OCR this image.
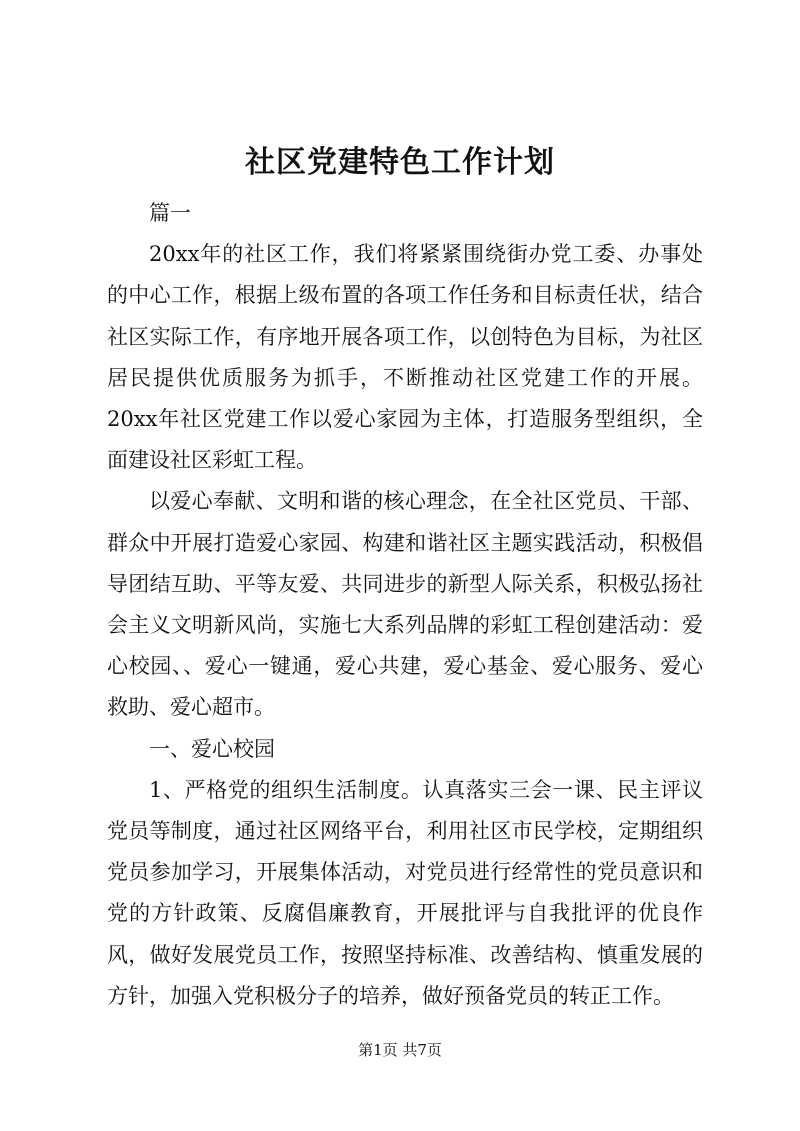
社区党建特色工作计划

篇一

20xx年的社区工作，我们将紧紧围绕街办党工委、办事处的中心工作，根据上级布置的各项工作任务和目标责任状，结合社区实际工作，有序地开展各项工作，以创特色为目标，为社区居民提供优质服务为抓手，不断推动社区党建工作的开展。20xx年社区党建工作以爱心家园为主体，打造服务型组织，全面建设社区彩虹工程。

以爱心奉献、文明和谐的核心理念，在全社区党员、干部、群众中开展打造爱心家园、构建和谐社区主题实践活动，积极倡导团结互助、平等友爱、共同进步的新型人际关系，积极弘扬社会主义文明新风尚，实施七大系列品牌的彩虹工程创建活动：爱心校园、、爱心一键通，爱心共建，爱心基金、爱心服务、爱心救助、爱心超市。

一、爱心校园

1、严格党的组织生活制度。认真落实三会一课、民主评议党员等制度，通过社区网络平台，利用社区市民学校，定期组织党员参加学习，开展集体活动，对党员进行经常性的党员意识和党的方针政策、反腐倡廉教育，开展批评与自我批评的优良作风，做好发展党员工作，按照坚持标准、改善结构、慎重发展的方针，加强入党积极分子的培养，做好预备党员的转正工作。

第1页 共7页
